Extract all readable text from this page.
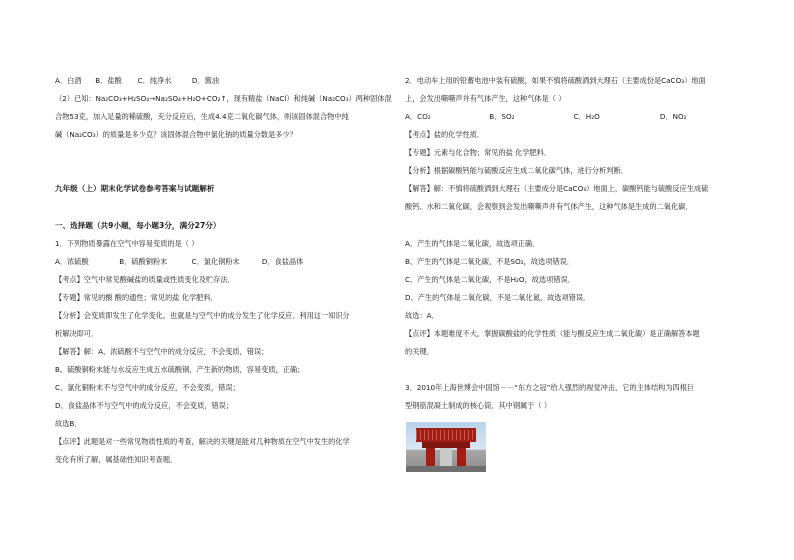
A．白酒 B．盐酸 C．纯净水	D．酱油
（2）已知：Na₂CO₃+H₂SO₄→Na₂SO₄+H₂O+CO₂↑，现有精盐（NaCl）和纯碱（Na₂CO₃）两种固体混
合物53克，加入足量的稀硫酸，充分反应后，生成4.4克二氧化碳气体，则该固体混合物中纯
碱（Na₂CO₃）的质量是多少克？该固体混合物中氯化钠的质量分数是多少？
九年级（上）期末化学试卷参考答案与试题解析
一、选择题（共9小题，每小题3分，满分27分）
1．下列物质暴露在空气中容易变质的是（ ）
A．浓硫酸	B．硫酸铜粉末	C．氯化铜粉末	D．食盐晶体
【考点】空气中常见酸碱盐的质量或性质变化及贮存法．
【专题】常见的酸 酸的通性；常见的盐 化学肥料．
【分析】会变质即发生了化学变化，也就是与空气中的成分发生了化学反应．利用这一知识分
析解决即可．
【解答】解：A、浓硫酸不与空气中的成分反应，不会变质，错误；
B、硫酸铜粉末能与水反应生成五水硫酸铜，产生新的物质，容易变质，正确；
C、氯化铜粉末不与空气中的成分反应，不会变质，错误；
D、食盐晶体不与空气中的成分反应，不会变质，错误；
故选B．
【点评】此题是对一些常见物质性质的考查，解决的关键是能对几种物质在空气中发生的化学
变化有所了解，属基础性知识考查题．
2．电动车上用的铅蓄电池中装有硫酸，如果不慎将硫酸洒到大理石（主要成份是CaCO₃）地面
上，会发出嘶嘶声并有气体产生，这种气体是（ ）
A．CO₂	B．SO₂	C．H₂O	D．NO₂
【考点】盐的化学性质．
【专题】元素与化合物；常见的盐 化学肥料．
【分析】根据碳酸钙能与硫酸反应生成二氧化碳气体，进行分析判断．
【解答】解：不慎将硫酸洒到大理石（主要成分是CaCO₃）地面上，碳酸钙能与硫酸反应生成硫
酸钙、水和二氧化碳，会观察到会发出嘶嘶声并有气体产生，这种气体是生成的二氧化碳．
A、产生的气体是二氧化碳，故选项正确．
B、产生的气体是二氧化碳，不是SO₂，故选项错误．
C、产生的气体是二氧化碳，不是H₂O，故选项错误．
D、产生的气体是二氧化碳，不是二氧化氮，故选项错误．
故选：A．
【点评】本题难度不大，掌握碳酸盐的化学性质（能与酸反应生成二氧化碳）是正确解答本题
的关键．
3．2010年上海世博会中国馆－－“东方之冠”给人强烈的视觉冲击，它的主体结构为四根巨
型钢筋混凝土制成的核心筒．其中钢属于（ ）
